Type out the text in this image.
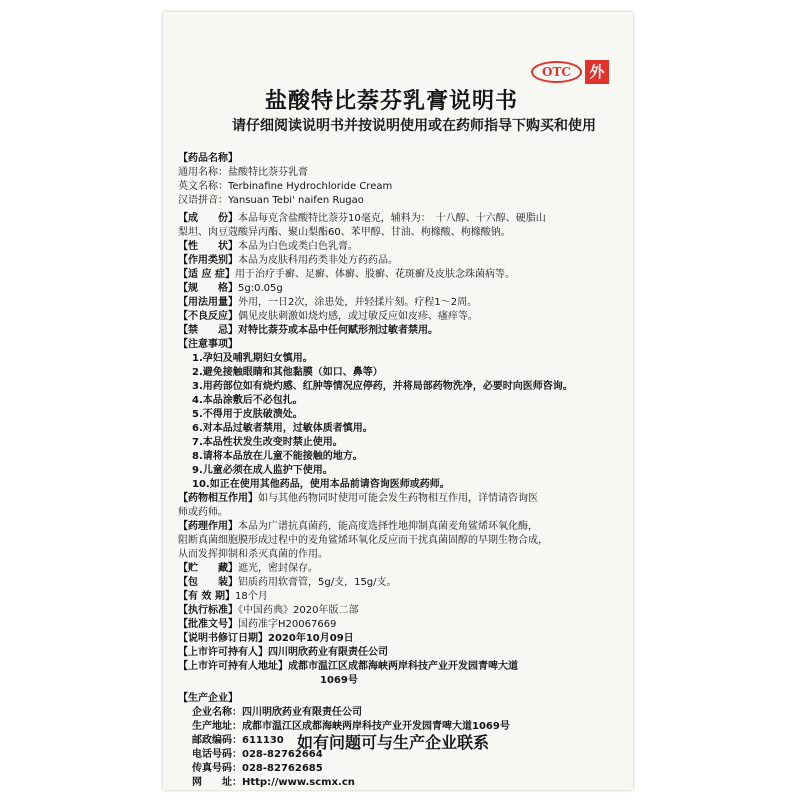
OTC	外
盐酸特比萘芬乳膏说明书
请仔细阅读说明书并按说明使用或在药师指导下购买和使用
【药品名称】
通用名称：盐酸特比萘芬乳膏
英文名称：Terbinafine Hydrochloride Cream
汉语拼音：Yansuan Tebi' naifen Rugao
【成　　份】本品每克含盐酸特比萘芬10毫克，辅料为：　十八醇、十六醇、硬脂山
梨坦、肉豆蔻酸异丙酯、聚山梨酯60、苯甲醇、甘油、枸橼酸、枸橼酸钠。
【性　　状】本品为白色或类白色乳膏。
【作用类别】本品为皮肤科用药类非处方药药品。
【适 应 症】用于治疗手癣、足癣、体癣、股癣、花斑癣及皮肤念珠菌病等。
【规　　格】5g:0.05g
【用法用量】外用，一日2次，涂患处，并轻揉片刻。疗程1～2周。
【不良反应】偶见皮肤刺激如烧灼感，或过敏反应如皮疹、瘙痒等。
【禁　　忌】对特比萘芬或本品中任何赋形剂过敏者禁用。
【注意事项】
1.孕妇及哺乳期妇女慎用。
2.避免接触眼睛和其他黏膜（如口、鼻等）
3.用药部位如有烧灼感、红肿等情况应停药，并将局部药物洗净，必要时向医师咨询。
4.本品涂敷后不必包扎。
5.不得用于皮肤破溃处。
6.对本品过敏者禁用，过敏体质者慎用。
7.本品性状发生改变时禁止使用。
8.请将本品放在儿童不能接触的地方。
9.儿童必须在成人监护下使用。
10.如正在使用其他药品，使用本品前请咨询医师或药师。
【药物相互作用】如与其他药物同时使用可能会发生药物相互作用，详情请咨询医
师或药师。
【药理作用】本品为广谱抗真菌药，能高度选择性地抑制真菌麦角鲨烯环氧化酶，
阻断真菌细胞膜形成过程中的麦角鲨烯环氧化反应而干扰真菌固醇的早期生物合成，
从而发挥抑制和杀灭真菌的作用。
【贮　　藏】遮光，密封保存。
【包　　装】铝质药用软膏管，5g/支，15g/支。
【有 效 期】18个月
【执行标准】《中国药典》2020年版二部
【批准文号】国药准字H20067669
【说明书修订日期】2020年10月09日
【上市许可持有人】四川明欣药业有限责任公司
【上市许可持有人地址】成都市温江区成都海峡两岸科技产业开发园青啤大道
1069号
【生产企业】
企业名称：四川明欣药业有限责任公司
生产地址：成都市温江区成都海峡两岸科技产业开发园青啤大道1069号
邮政编码：611130
电话号码：028-82762664
传真号码：028-82762685
网　　址：Http://www.scmx.cn
如有问题可与生产企业联系
